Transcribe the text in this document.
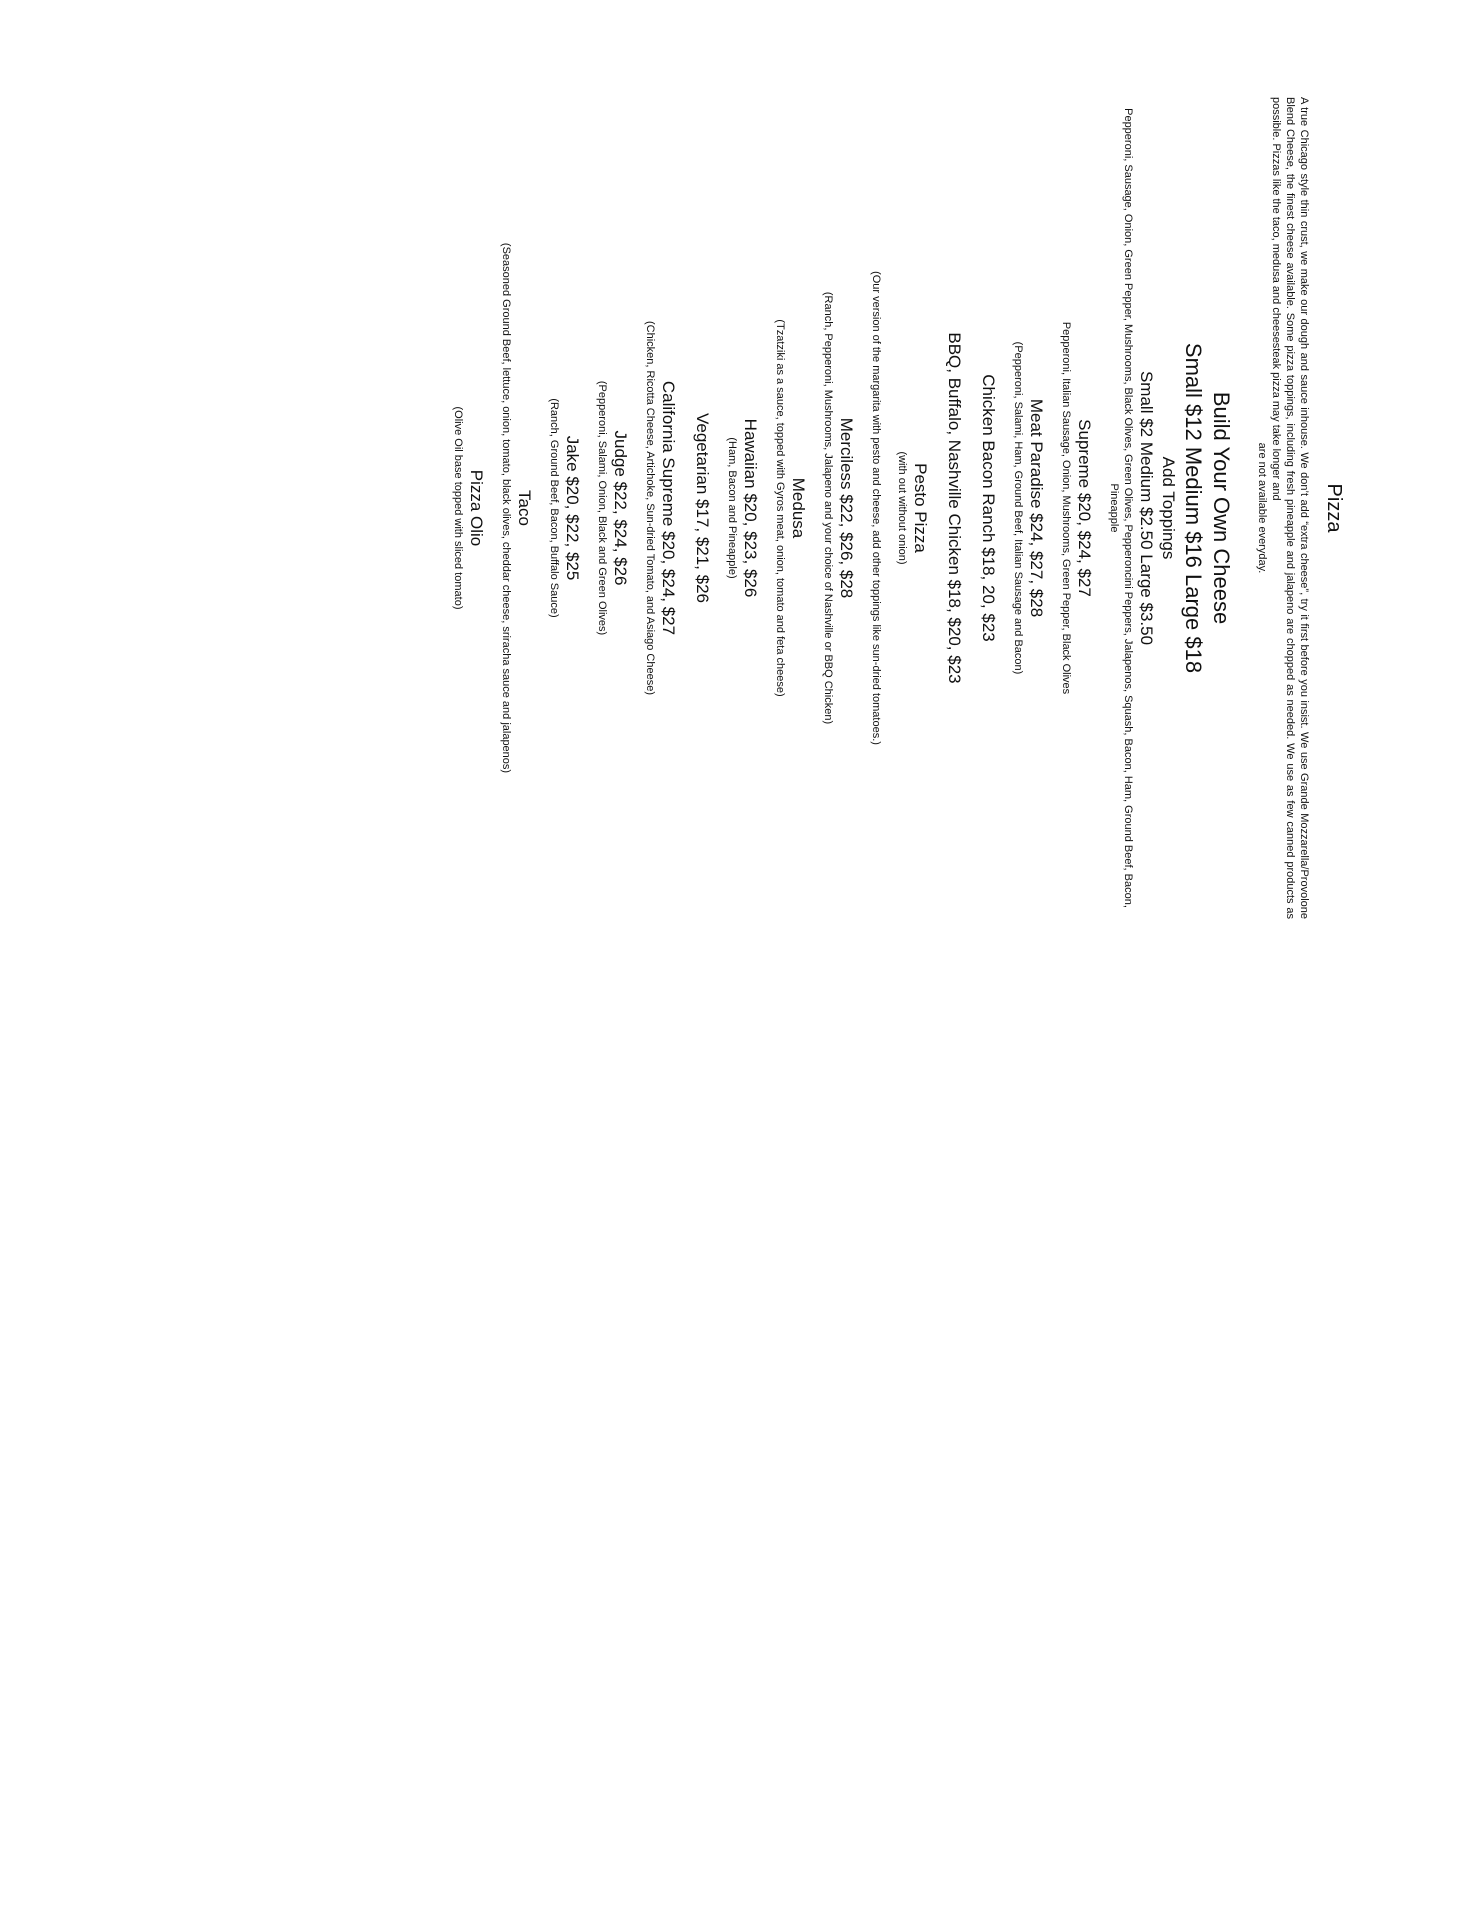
Pizza
A true Chicago style thin crust, we make our dough and sauce inhouse. We don’t add “extra cheese”, try it first before you insist. We use Grande Mozzarella/Provolone Blend Cheese, the finest cheese available. Some pizza toppings, including fresh pineapple and jalapeno are chopped as needed. We use as few canned products as possible. Pizzas like the taco, medusa and cheesesteak pizza may take longer and
are not available everyday.
Build Your Own Cheese
Small $12 Medium $16 Large $18
Add Toppings
Small $2 Medium $2.50 Large $3.50
Pepperoni, Sausage, Onion, Green Pepper, Mushrooms, Black Olives, Green Olives, Pepperoncini Peppers, Jalapenos, Squash, Bacon, Ham, Ground Beef, Bacon, Pineapple
Supreme $20, $24, $27
Pepperoni, Italian Sausage, Onion, Mushrooms, Green Pepper, Black Olives
Meat Paradise $24, $27, $28
(Pepperoni, Salami, Ham, Ground Beef, Italian Sausage and Bacon)
Chicken Bacon Ranch $18, 20, $23
BBQ, Buffalo, Nashville Chicken $18, $20, $23
Pesto Pizza
(with out without onion)
(Our version of the margarita with pesto and cheese, add other toppings like sun-dried tomatoes.)
Merciless $22, $26, $28
(Ranch, Pepperoni, Mushrooms, Jalapeno and your choice of Nashville or BBQ Chicken)
Medusa
(Tzatziki as a sauce, topped with Gyros meat, onion, tomato and feta cheese)
Hawaiian $20, $23, $26
(Ham, Bacon and Pineapple)
Vegetarian $17, $21, $26
California Supreme $20, $24, $27
(Chicken, Ricotta Cheese, Artichoke, Sun-dried Tomato, and Asiago Cheese)
Judge $22, $24, $26
(Pepperoni, Salami, Onion, Black and Green Olives)
Jake $20, $22, $25
(Ranch, Ground Beef, Bacon, Buffalo Sauce)
Taco
(Seasoned Ground Beef, lettuce, onion, tomato, black olives, cheddar cheese, sriracha sauce and jalapenos)
Pizza Olio
(Olive Oil base topped with sliced tomato)
